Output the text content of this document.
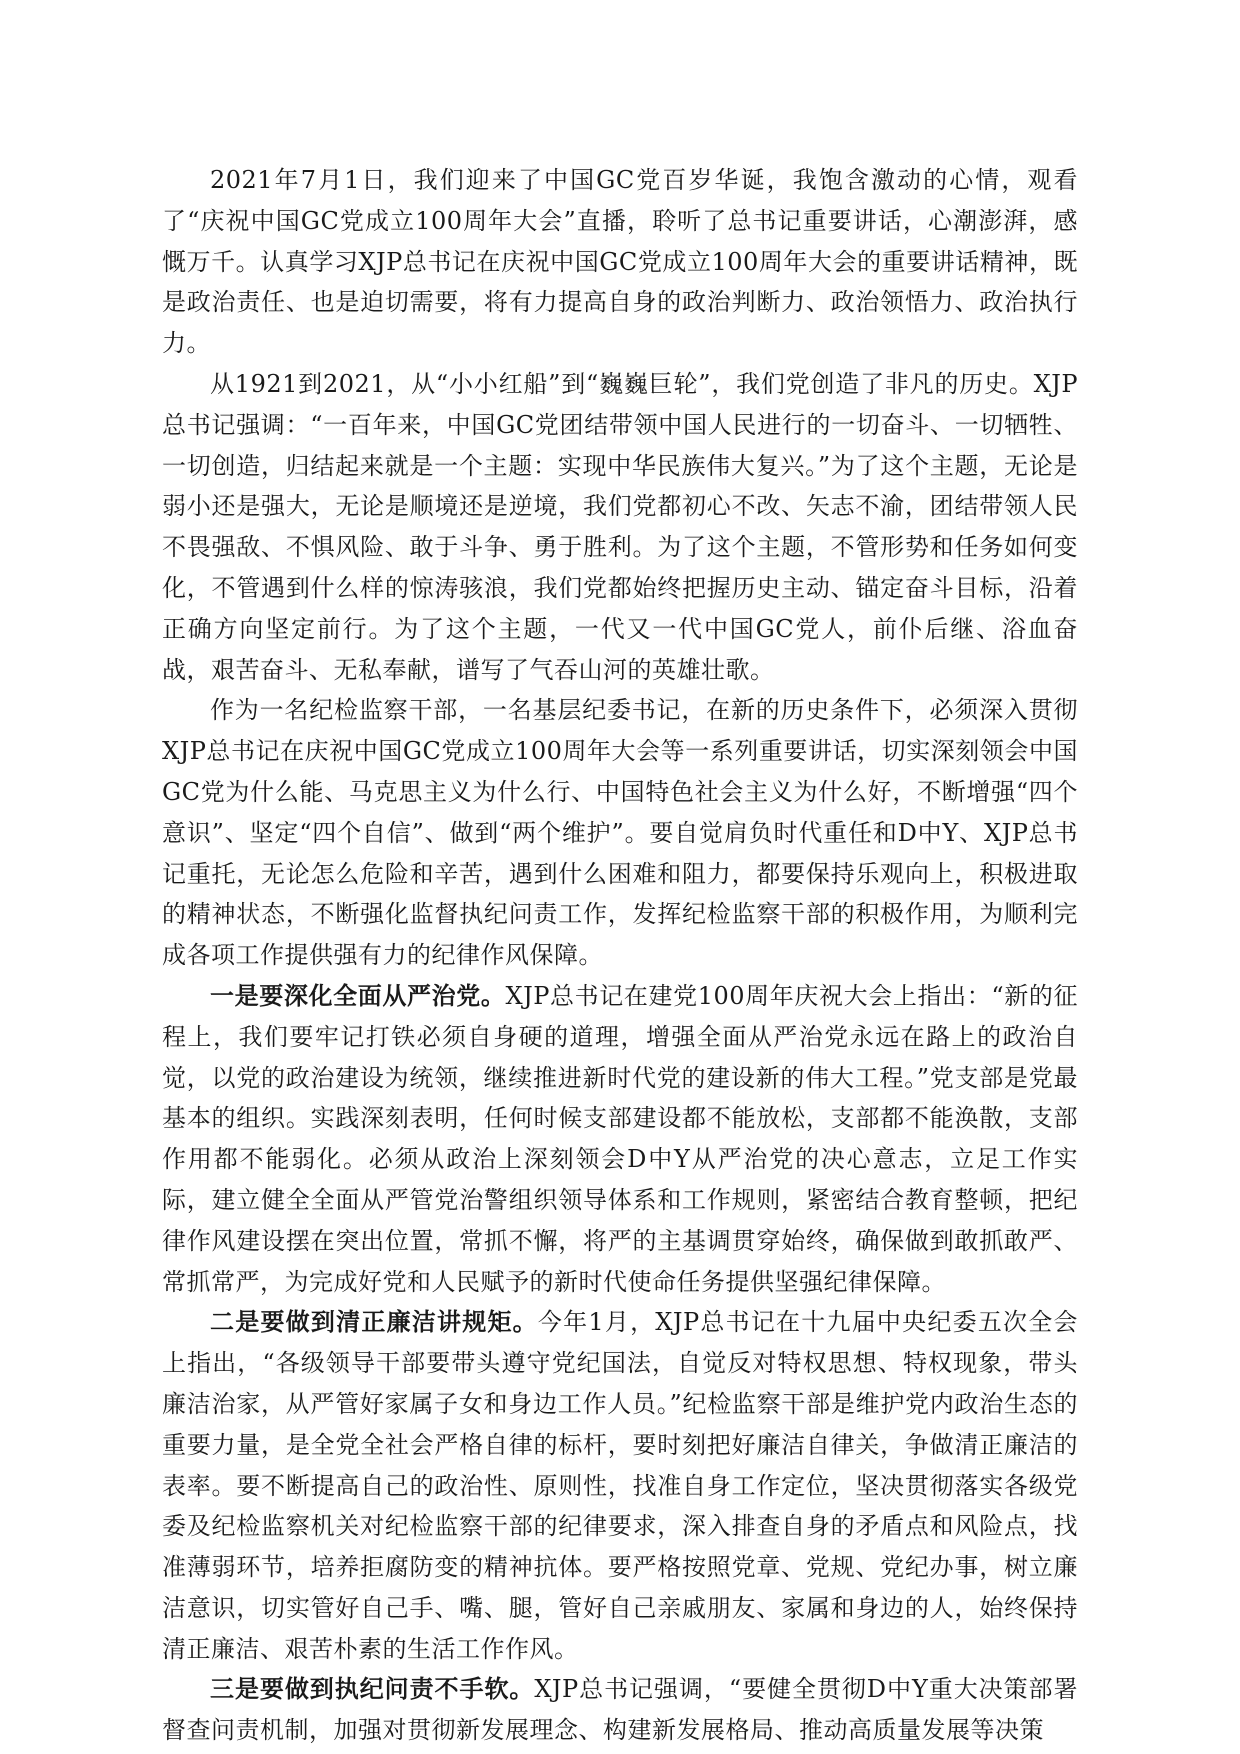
2021年7月1日，我们迎来了中国GC党百岁华诞，我饱含激动的心情，观看了“庆祝中国GC党成立100周年大会”直播，聆听了总书记重要讲话，心潮澎湃，感慨万千。认真学习XJP总书记在庆祝中国GC党成立100周年大会的重要讲话精神，既是政治责任、也是迫切需要，将有力提高自身的政治判断力、政治领悟力、政治执行力。

从1921到2021，从“小小红船”到“巍巍巨轮”，我们党创造了非凡的历史。XJP总书记强调：“一百年来，中国GC党团结带领中国人民进行的一切奋斗、一切牺牲、一切创造，归结起来就是一个主题：实现中华民族伟大复兴。”为了这个主题，无论是弱小还是强大，无论是顺境还是逆境，我们党都初心不改、矢志不渝，团结带领人民不畏强敌、不惧风险、敢于斗争、勇于胜利。为了这个主题，不管形势和任务如何变化，不管遇到什么样的惊涛骇浪，我们党都始终把握历史主动、锚定奋斗目标，沿着正确方向坚定前行。为了这个主题，一代又一代中国GC党人，前仆后继、浴血奋战，艰苦奋斗、无私奉献，谱写了气吞山河的英雄壮歌。

作为一名纪检监察干部，一名基层纪委书记，在新的历史条件下，必须深入贯彻XJP总书记在庆祝中国GC党成立100周年大会等一系列重要讲话，切实深刻领会中国GC党为什么能、马克思主义为什么行、中国特色社会主义为什么好，不断增强“四个意识”、坚定“四个自信”、做到“两个维护”。要自觉肩负时代重任和D中Y、XJP总书记重托，无论怎么危险和辛苦，遇到什么困难和阻力，都要保持乐观向上，积极进取的精神状态，不断强化监督执纪问责工作，发挥纪检监察干部的积极作用，为顺利完成各项工作提供强有力的纪律作风保障。

一是要深化全面从严治党。XJP总书记在建党100周年庆祝大会上指出：“新的征程上，我们要牢记打铁必须自身硬的道理，增强全面从严治党永远在路上的政治自觉，以党的政治建设为统领，继续推进新时代党的建设新的伟大工程。”党支部是党最基本的组织。实践深刻表明，任何时候支部建设都不能放松，支部都不能涣散，支部作用都不能弱化。必须从政治上深刻领会D中Y从严治党的决心意志，立足工作实际，建立健全全面从严管党治警组织领导体系和工作规则，紧密结合教育整顿，把纪律作风建设摆在突出位置，常抓不懈，将严的主基调贯穿始终，确保做到敢抓敢严、常抓常严，为完成好党和人民赋予的新时代使命任务提供坚强纪律保障。

二是要做到清正廉洁讲规矩。今年1月，XJP总书记在十九届中央纪委五次全会上指出，“各级领导干部要带头遵守党纪国法，自觉反对特权思想、特权现象，带头廉洁治家，从严管好家属子女和身边工作人员。”纪检监察干部是维护党内政治生态的重要力量，是全党全社会严格自律的标杆，要时刻把好廉洁自律关，争做清正廉洁的表率。要不断提高自己的政治性、原则性，找准自身工作定位，坚决贯彻落实各级党委及纪检监察机关对纪检监察干部的纪律要求，深入排查自身的矛盾点和风险点，找准薄弱环节，培养拒腐防变的精神抗体。要严格按照党章、党规、党纪办事，树立廉洁意识，切实管好自己手、嘴、腿，管好自己亲戚朋友、家属和身边的人，始终保持清正廉洁、艰苦朴素的生活工作作风。

三是要做到执纪问责不手软。XJP总书记强调，“要健全贯彻D中Y重大决策部署督查问责机制，加强对贯彻新发展理念、构建新发展格局、推动高质量发展等决策
